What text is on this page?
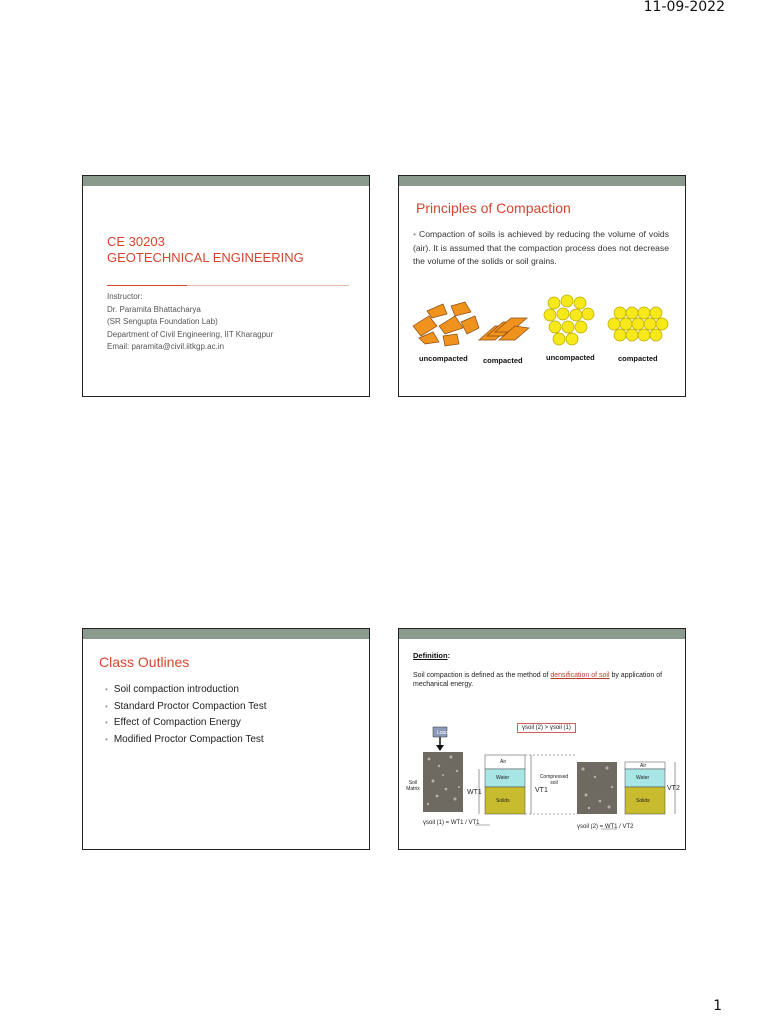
11-09-2022
CE 30203
GEOTECHNICAL ENGINEERING
Instructor:
Dr. Paramita Bhattacharya
(SR Sengupta Foundation Lab)
Department of Civil Engineering, IIT Kharagpur
Email: paramita@civil.iitkgp.ac.in
Principles of Compaction
• Compaction of soils is achieved by reducing the volume of voids (air). It is assumed that the compaction process does not decrease the volume of the solids or soil grains.
uncompacted compacted	uncompacted	compacted
Class Outlines
• Soil compaction introduction
• Standard Proctor Compaction Test
• Effect of Compaction Energy
• Modified Proctor Compaction Test
Definition:
Soil compaction is defined as the method of densification of soil by application of mechanical energy.
Load
Soil Matrix
γsoil (2) > γsoil (1)
Air
Water
Solids
Compressed soil
Air
Water
Solids
WT1	VT1	VT2
γsoil (1) = WT1 / VT1
γsoil (2) = WT1 / VT2
1
